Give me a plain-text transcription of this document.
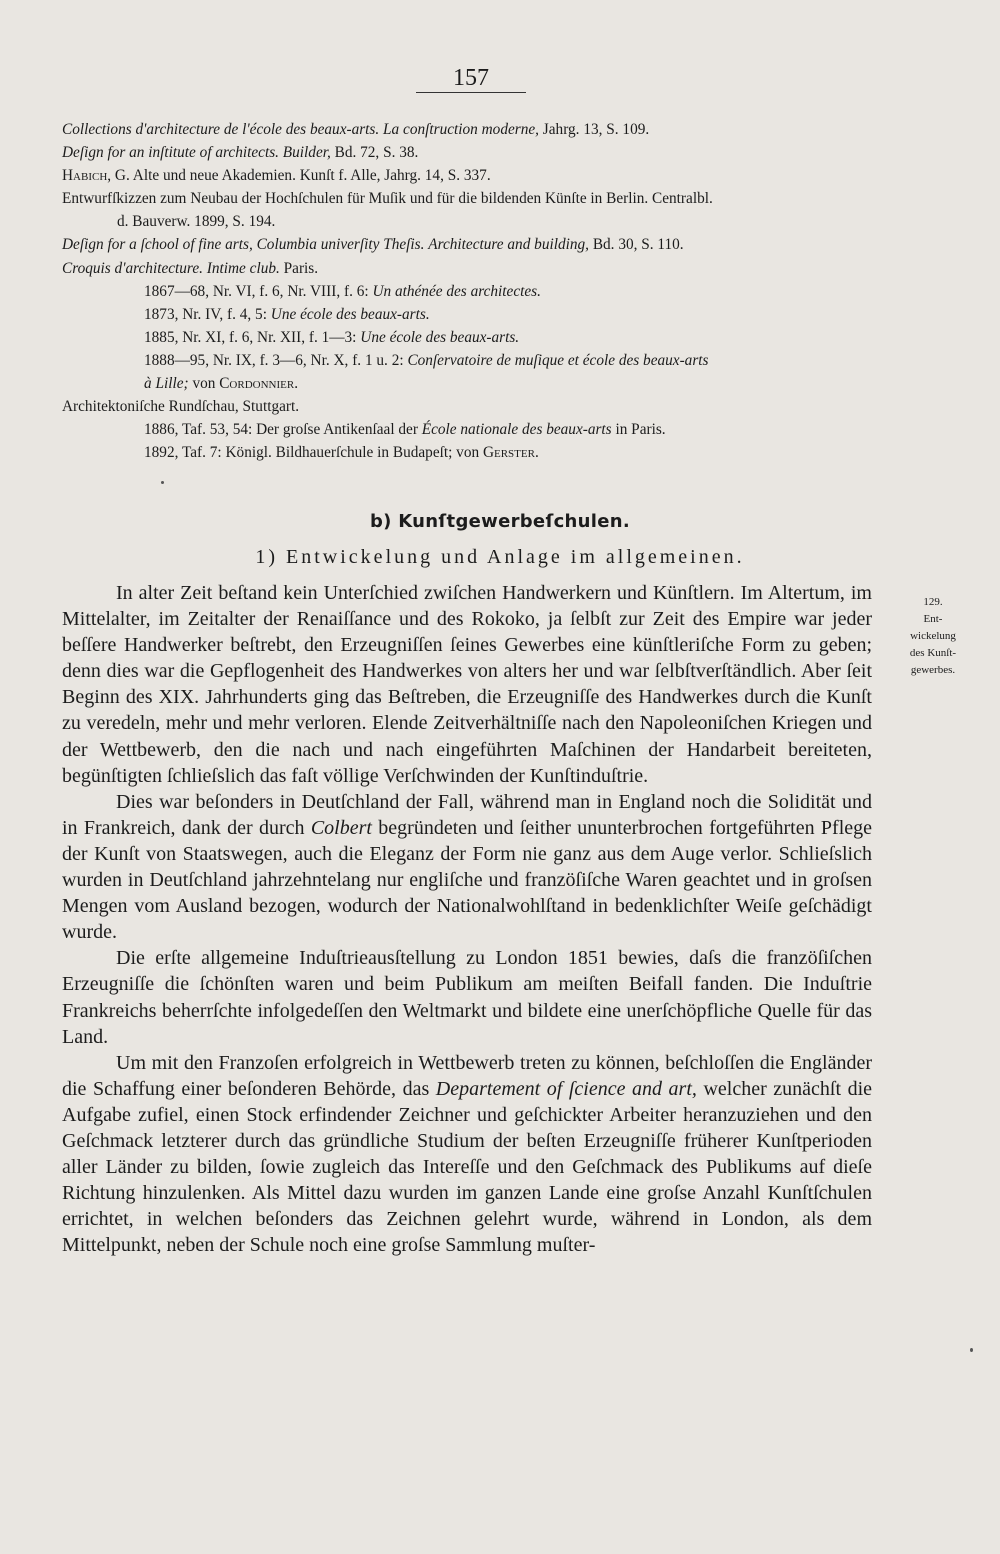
157
Collections d'architecture de l'école des beaux-arts. La conſtruction moderne, Jahrg. 13, S. 109.
Deſign for an inſtitute of architects. Builder, Bd. 72, S. 38.
Habich, G. Alte und neue Akademien. Kunſt f. Alle, Jahrg. 14, S. 337.
Entwurfſkizzen zum Neubau der Hochſchulen für Muſik und für die bildenden Künſte in Berlin. Centralbl.
d. Bauverw. 1899, S. 194.
Deſign for a ſchool of fine arts, Columbia univerſity Theſis. Architecture and building, Bd. 30, S. 110.
Croquis d'architecture. Intime club. Paris.
1867—68, Nr. VI, f. 6, Nr. VIII, f. 6: Un athénée des architectes.
1873, Nr. IV, f. 4, 5: Une école des beaux-arts.
1885, Nr. XI, f. 6, Nr. XII, f. 1—3: Une école des beaux-arts.
1888—95, Nr. IX, f. 3—6, Nr. X, f. 1 u. 2: Conſervatoire de muſique et école des beaux-arts
à Lille; von Cordonnier.
Architektoniſche Rundſchau, Stuttgart.
1886, Taf. 53, 54: Der groſse Antikenſaal der École nationale des beaux-arts in Paris.
1892, Taf. 7: Königl. Bildhauerſchule in Budapeſt; von Gerster.
b) Kunſtgewerbeſchulen.
1) Entwickelung und Anlage im allgemeinen.

In alter Zeit beſtand kein Unterſchied zwiſchen Handwerkern und Künſtlern. Im Altertum, im Mittelalter, im Zeitalter der Renaiſſance und des Rokoko, ja ſelbſt zur Zeit des Empire war jeder beſſere Handwerker beſtrebt, den Erzeugniſſen ſeines Gewerbes eine künſtleriſche Form zu geben; denn dies war die Gepflogenheit des Handwerkes von alters her und war ſelbſtverſtändlich. Aber ſeit Beginn des XIX. Jahrhunderts ging das Beſtreben, die Erzeugniſſe des Handwerkes durch die Kunſt zu veredeln, mehr und mehr verloren. Elende Zeitverhältniſſe nach den Napoleoniſchen Kriegen und der Wettbewerb, den die nach und nach eingeführten Maſchinen der Handarbeit bereiteten, begünſtigten ſchlieſslich das faſt völlige Verſchwinden der Kunſtinduſtrie.

Dies war beſonders in Deutſchland der Fall, während man in England noch die Solidität und in Frankreich, dank der durch Colbert begründeten und ſeither ununterbrochen fortgeführten Pflege der Kunſt von Staatswegen, auch die Eleganz der Form nie ganz aus dem Auge verlor. Schlieſslich wurden in Deutſchland jahrzehntelang nur engliſche und franzöſiſche Waren geachtet und in groſsen Mengen vom Ausland bezogen, wodurch der Nationalwohlſtand in bedenklichſter Weiſe geſchädigt wurde.

Die erſte allgemeine Induſtrieausſtellung zu London 1851 bewies, daſs die franzöſiſchen Erzeugniſſe die ſchönſten waren und beim Publikum am meiſten Beifall fanden. Die Induſtrie Frankreichs beherrſchte infolgedeſſen den Weltmarkt und bildete eine unerſchöpfliche Quelle für das Land.

Um mit den Franzoſen erfolgreich in Wettbewerb treten zu können, beſchloſſen die Engländer die Schaffung einer beſonderen Behörde, das Departement of ſcience and art, welcher zunächſt die Aufgabe zufiel, einen Stock erfindender Zeichner und geſchickter Arbeiter heranzuziehen und den Geſchmack letzterer durch das gründliche Studium der beſten Erzeugniſſe früherer Kunſtperioden aller Länder zu bilden, ſowie zugleich das Intereſſe und den Geſchmack des Publikums auf dieſe Richtung hinzulenken. Als Mittel dazu wurden im ganzen Lande eine groſse Anzahl Kunſtſchulen errichtet, in welchen beſonders das Zeichnen gelehrt wurde, während in London, als dem Mittelpunkt, neben der Schule noch eine groſse Sammlung muſter-

129.
Ent-
wickelung
des Kunſt-
gewerbes.
